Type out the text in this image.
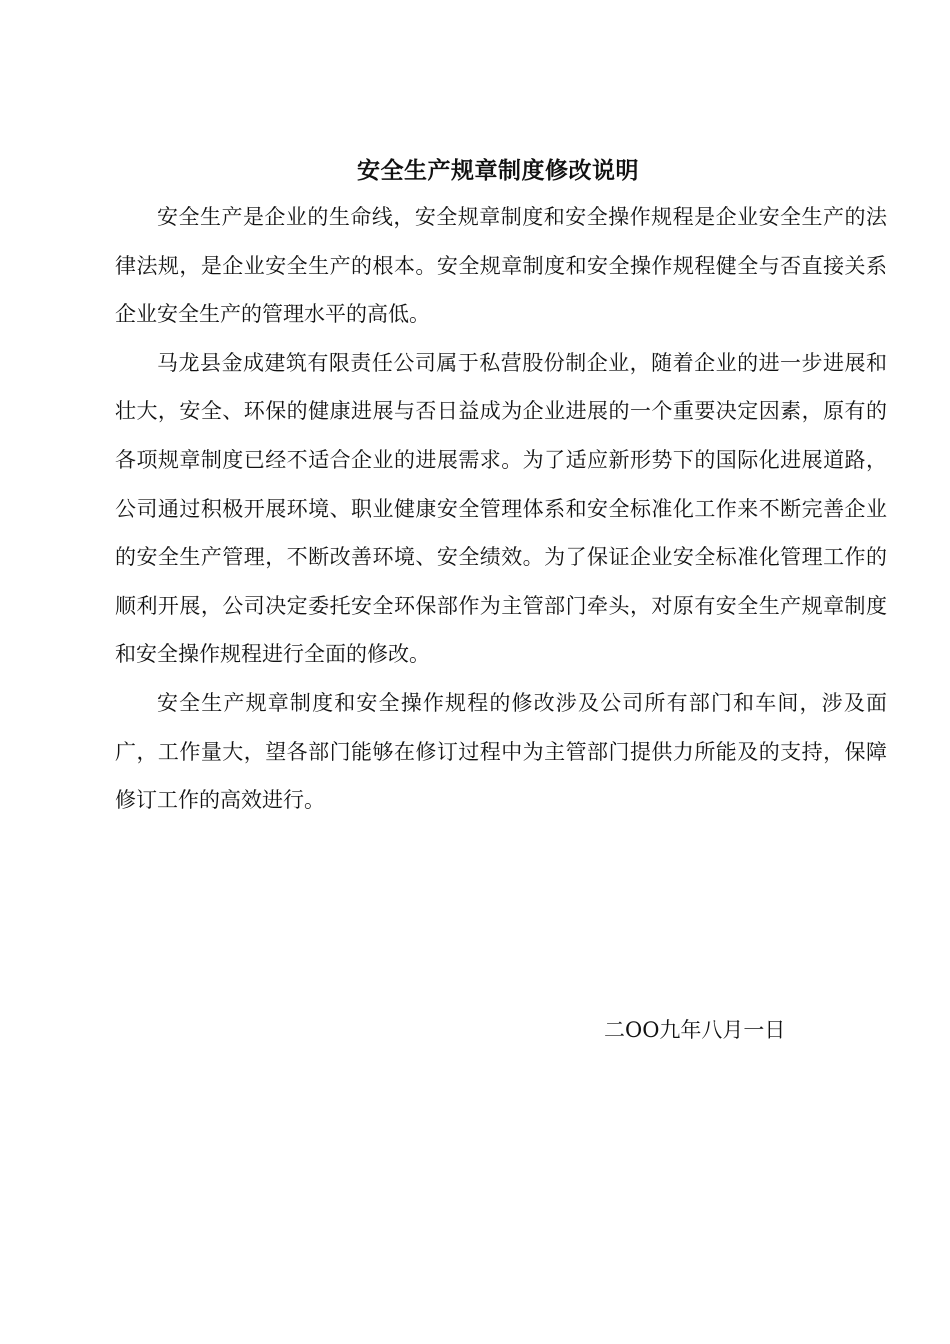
安全生产规章制度修改说明

安全生产是企业的生命线，安全规章制度和安全操作规程是企业安全生产的法律法规，是企业安全生产的根本。安全规章制度和安全操作规程健全与否直接关系企业安全生产的管理水平的高低。

马龙县金成建筑有限责任公司属于私营股份制企业，随着企业的进一步进展和壮大，安全、环保的健康进展与否日益成为企业进展的一个重要决定因素，原有的各项规章制度已经不适合企业的进展需求。为了适应新形势下的国际化进展道路，公司通过积极开展环境、职业健康安全管理体系和安全标准化工作来不断完善企业的安全生产管理，不断改善环境、安全绩效。为了保证企业安全标准化管理工作的顺利开展，公司决定委托安全环保部作为主管部门牵头，对原有安全生产规章制度和安全操作规程进行全面的修改。

安全生产规章制度和安全操作规程的修改涉及公司所有部门和车间，涉及面广，工作量大，望各部门能够在修订过程中为主管部门提供力所能及的支持，保障修订工作的高效进行。

二OO九年八月一日
